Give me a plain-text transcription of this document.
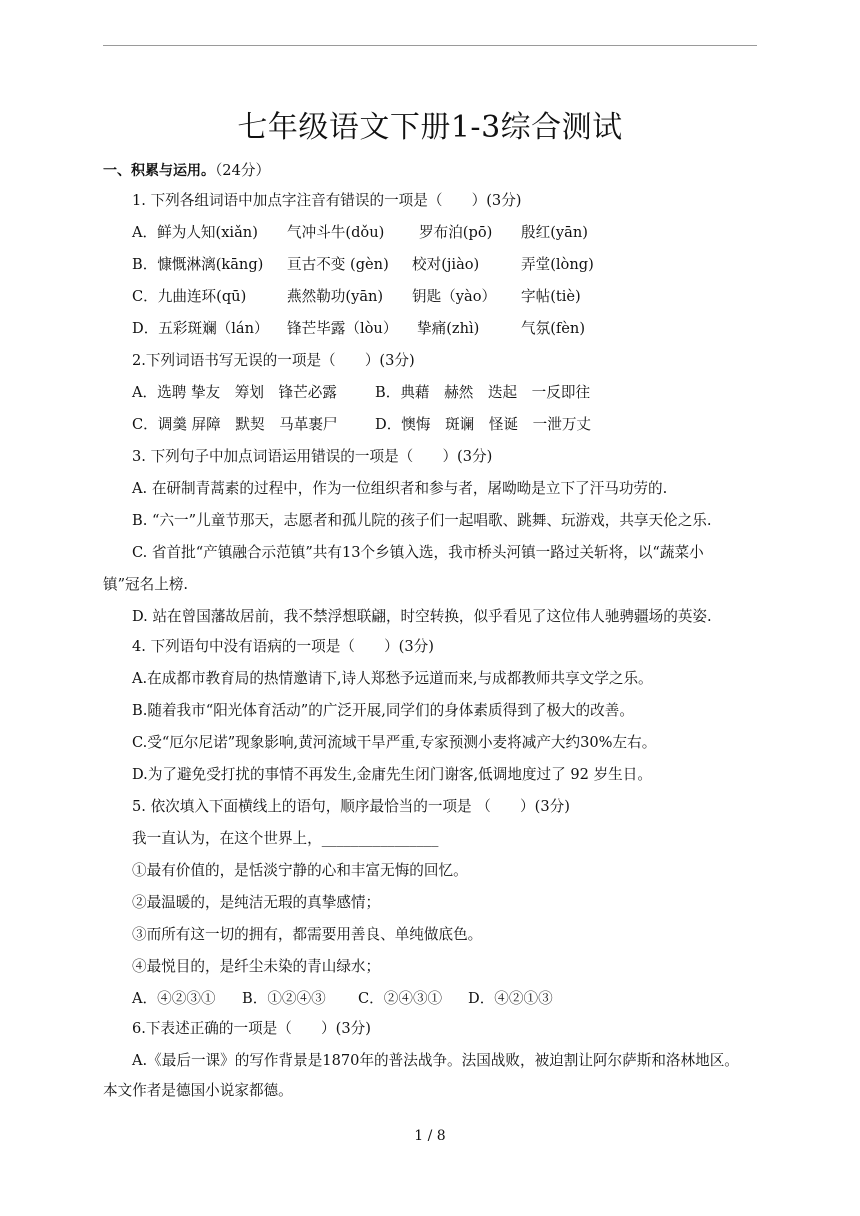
七年级语文下册1-3综合测试
一、积累与运用。（24分）
1. 下列各组词语中加点字注音有错误的一项是（　　）(3分)
A．鲜为人知(xiǎn) 气冲斗牛(dǒu) 罗布泊(pō) 殷红(yān)
B．慷慨淋漓(kāng) 亘古不变 (gèn) 校对(jiào)	弄堂(lòng)
C．九曲连环(qū)	燕然勒功(yān) 钥匙（yào） 字帖(tiè)
D．五彩斑斓（lán） 锋芒毕露（lòu） 挚痛(zhì)	气氛(fèn)
2.下列词语书写无误的一项是（　　）(3分)
A．选聘 挚友　筹划　锋芒必露	B．典藉　赫然　迭起　一反即往
C．调羹 屏障　默契　马革裹尸	D．懊悔　斑谰　怪诞　一泄万丈
3. 下列句子中加点词语运用错误的一项是（　　）(3分)
A. 在研制青蒿素的过程中，作为一位组织者和参与者，屠呦呦是立下了汗马功劳的.
B. “六一”儿童节那天，志愿者和孤儿院的孩子们一起唱歌、跳舞、玩游戏，共享天伦之乐.
C. 省首批“产镇融合示范镇”共有13个乡镇入选，我市桥头河镇一路过关斩将，以“蔬菜小
镇”冠名上榜.
D. 站在曾国藩故居前，我不禁浮想联翩，时空转换，似乎看见了这位伟人驰骋疆场的英姿.
4. 下列语句中没有语病的一项是（　　）(3分)
A.在成都市教育局的热情邀请下,诗人郑愁予远道而来,与成都教师共享文学之乐。
B.随着我市“阳光体育活动”的广泛开展,同学们的身体素质得到了极大的改善。
C.受“厄尔尼诺”现象影响,黄河流域干旱严重,专家预测小麦将减产大约30%左右。
D.为了避免受打扰的事情不再发生,金庸先生闭门谢客,低调地度过了 92 岁生日。
5. 依次填入下面横线上的语句，顺序最恰当的一项是 （　　）(3分)
我一直认为，在这个世界上，________________
①最有价值的，是恬淡宁静的心和丰富无悔的回忆。
②最温暖的，是纯洁无瑕的真挚感情；
③而所有这一切的拥有，都需要用善良、单纯做底色。
④最悦目的，是纤尘未染的青山绿水；
A．④②③① B．①②④③ C．②④③① D．④②①③
6.下表述正确的一项是（　　）(3分)
A.《最后一课》的写作背景是1870年的普法战争。法国战败，被迫割让阿尔萨斯和洛林地区。
本文作者是德国小说家都德。
1 / 8
